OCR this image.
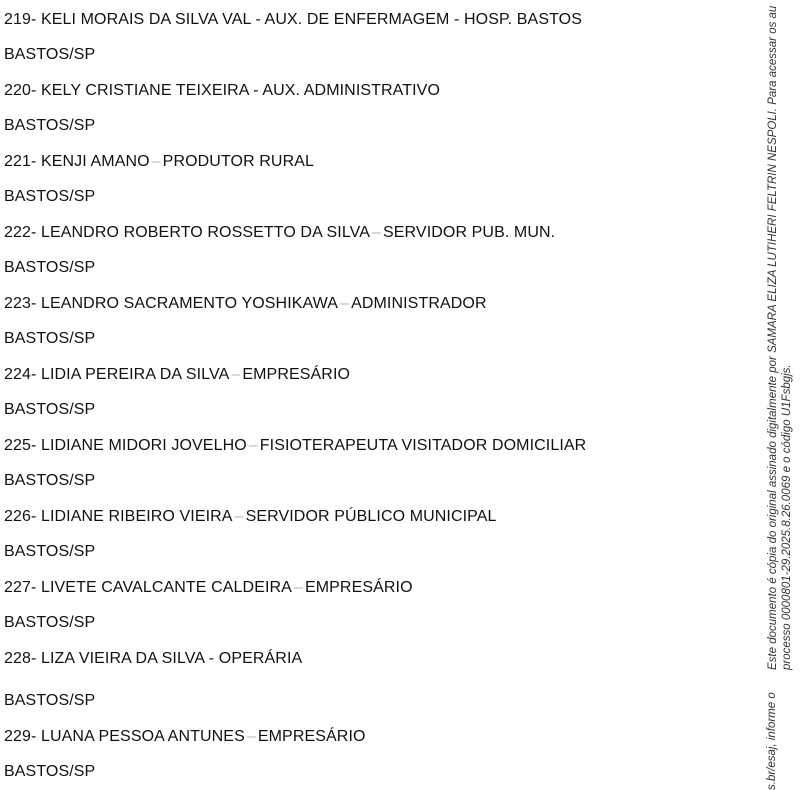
219- KELI MORAIS DA SILVA VAL - AUX. DE ENFERMAGEM - HOSP. BASTOS
BASTOS/SP
220- KELY CRISTIANE TEIXEIRA - AUX. ADMINISTRATIVO
BASTOS/SP
221- KENJI AMANO – PRODUTOR RURAL
BASTOS/SP
222- LEANDRO ROBERTO ROSSETTO DA SILVA – SERVIDOR PUB. MUN.
BASTOS/SP
223- LEANDRO SACRAMENTO YOSHIKAWA – ADMINISTRADOR
BASTOS/SP
224- LIDIA PEREIRA DA SILVA – EMPRESÁRIO
BASTOS/SP
225- LIDIANE MIDORI JOVELHO – FISIOTERAPEUTA VISITADOR DOMICILIAR
BASTOS/SP
226- LIDIANE RIBEIRO VIEIRA – SERVIDOR PÚBLICO MUNICIPAL
BASTOS/SP
227- LIVETE CAVALCANTE CALDEIRA – EMPRESÁRIO
BASTOS/SP
228- LIZA VIEIRA DA SILVA - OPERÁRIA
BASTOS/SP
229- LUANA PESSOA ANTUNES – EMPRESÁRIO
BASTOS/SP
Este documento é cópia do original assinado digitalmente por SAMARA ELIZA LUTIHERI FELTRIN NESPOLI. Para acessar os au processo 0000801-29.2025.8.26.0069 e o código U1Fsbgjs.
s.br/esaj, informe o
